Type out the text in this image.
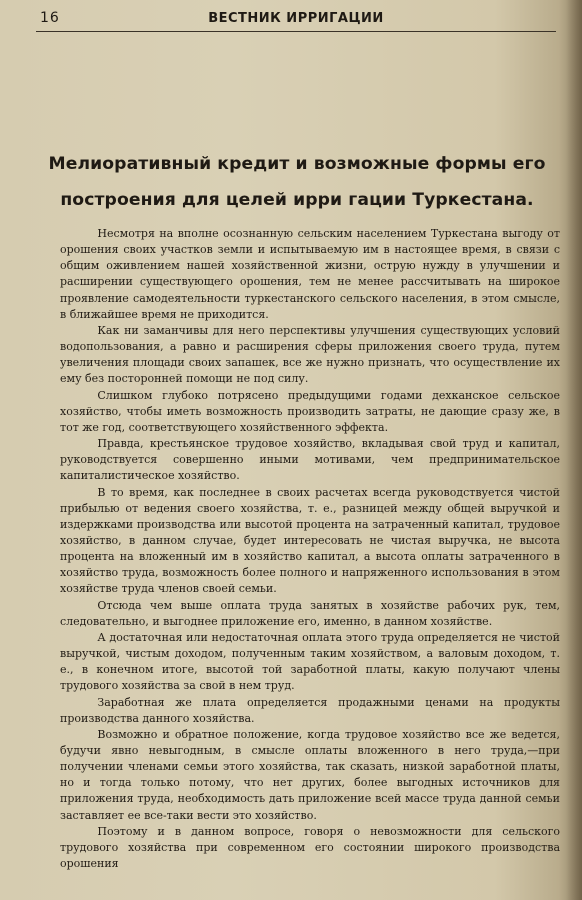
16	ВЕСТНИК ИРРИГАЦИИ
Мелиоративный кредит и возможные формы его
построения для целей ирри гации Туркестана.

Несмотря на вполне осознанную сельским населением Туркестана выгоду от орошения своих участков земли и испытываемую им в настоящее время, в связи с общим оживлением нашей хозяйственной жизни, острую нужду в улучшении и расширении существующего орошения, тем не менее рассчитывать на широкое проявление самодеятельности туркестанского сельского населения, в этом смысле, в ближайшее время не приходится.

Как ни заманчивы для него перспективы улучшения существующих условий водопользования, а равно и расширения сферы приложения своего труда, путем увеличения площади своих запашек, все же нужно признать, что осуществление их ему без посторонней помощи не под силу.

Слишком глубоко потрясено предыдущими годами дехканское сельское хозяйство, чтобы иметь возможность производить затраты, не дающие сразу же, в тот же год, соответствующего хозяйственного эффекта.

Правда, крестьянское трудовое хозяйство, вкладывая свой труд и капитал, руководствуется совершенно иными мотивами, чем предпринимательское капиталистическое хозяйство.

В то время, как последнее в своих расчетах всегда руководствуется чистой прибылью от ведения своего хозяйства, т. е., разницей между общей выручкой и издержками производства или высотой процента на затраченный капитал, трудовое хозяйство, в данном случае, будет интересовать не чистая выручка, не высота процента на вложенный им в хозяйство капитал, а высота оплаты затраченного в хозяйство труда, возможность более полного и напряженного использования в этом хозяйстве труда членов своей семьи.

Отсюда чем выше оплата труда занятых в хозяйстве рабочих рук, тем, следовательно, и выгоднее приложение его, именно, в данном хозяйстве.

А достаточная или недостаточная оплата этого труда определяется не чистой выручкой, чистым доходом, полученным таким хозяйством, а валовым доходом, т. е., в конечном итоге, высотой той заработной платы, какую получают члены трудового хозяйства за свой в нем труд.

Заработная же плата определяется продажными ценами на продукты производства данного хозяйства.

Возможно и обратное положение, когда трудовое хозяйство все же ведется, будучи явно невыгодным, в смысле оплаты вложенного в него труда,—при получении членами семьи этого хозяйства, так сказать, низкой заработной платы, но и тогда только потому, что нет других, более выгодных источников для приложения труда, необходимость дать приложение всей массе труда данной семьи заставляет ее все-таки вести это хозяйство.

Поэтому и в данном вопросе, говоря о невозможности для сельского трудового хозяйства при современном его состоянии широкого производства орошения
